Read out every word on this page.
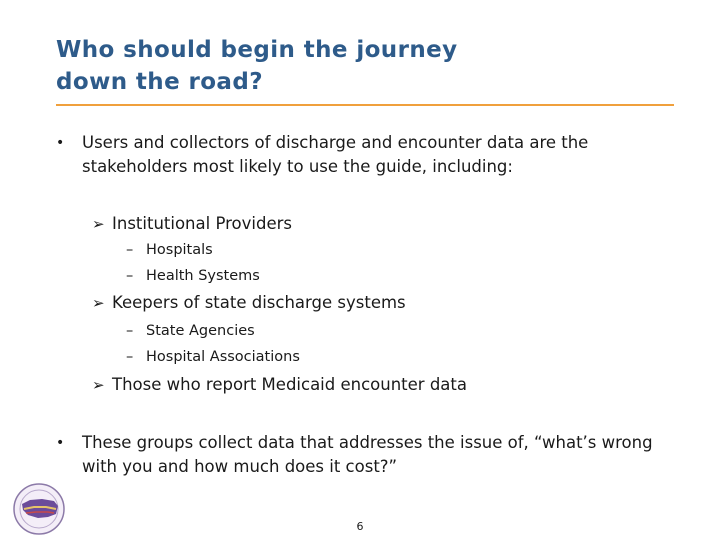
Who should begin the journey
down the road?
•	Users and collectors of discharge and encounter data are the stakeholders most likely to use the guide, including:
➢ Institutional Providers
– Hospitals
– Health Systems
➢ Keepers of state discharge systems
– State Agencies
– Hospital Associations
➢ Those who report Medicaid encounter data
•	These groups collect data that addresses the issue of, “what’s wrong with you and how much does it cost?”
6
